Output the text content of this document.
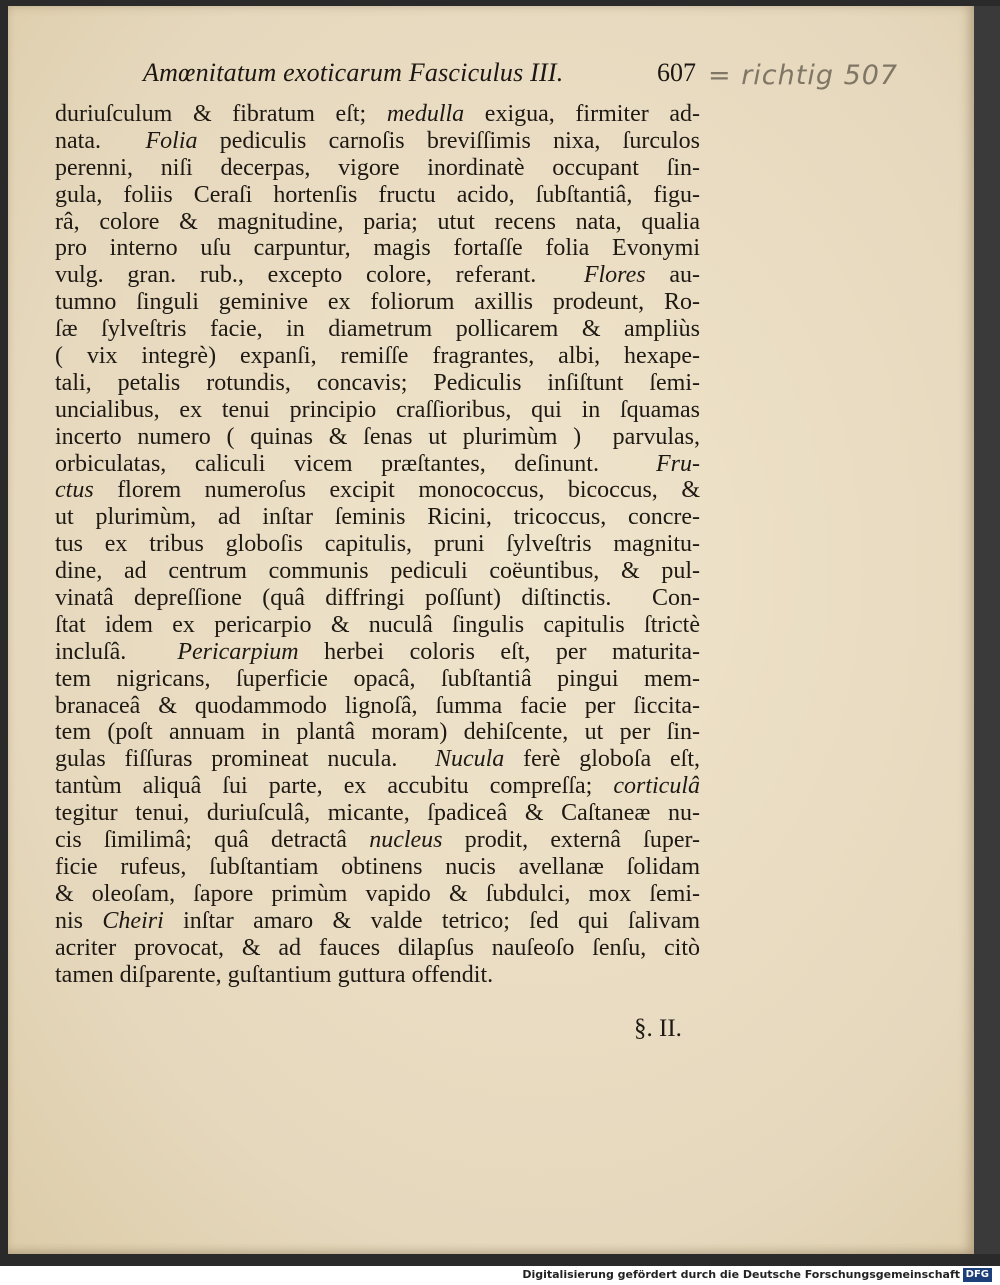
Amœnitatum exoticarum Fasciculus III.	607 = richtig 507
duriuſculum & fibratum eſt; medulla exigua, firmiter ad-
nata.  Folia pediculis carnoſis breviſſimis nixa, ſurculos
perenni, niſi decerpas, vigore inordinatè occupant ſin-
gula, foliis Ceraſi hortenſis fructu acido, ſubſtantiâ, figu-
râ, colore & magnitudine, paria; utut recens nata, qualia
pro interno uſu carpuntur, magis fortaſſe folia Evonymi
vulg. gran. rub., excepto colore, referant.  Flores au-
tumno ſinguli geminive ex foliorum axillis prodeunt, Ro-
ſæ ſylveſtris facie, in diametrum pollicarem & ampliùs
( vix integrè) expanſi, remiſſe fragrantes, albi, hexape-
tali, petalis rotundis, concavis; Pediculis inſiſtunt ſemi-
uncialibus, ex tenui principio craſſioribus, qui in ſquamas
incerto numero ( quinas & ſenas ut plurimùm )  parvulas,
orbiculatas, caliculi vicem præſtantes, deſinunt.  Fru-
ctus florem numeroſus excipit monococcus, bicoccus, &
ut plurimùm, ad inſtar ſeminis Ricini, tricoccus, concre-
tus ex tribus globoſis capitulis, pruni ſylveſtris magnitu-
dine, ad centrum communis pediculi coëuntibus, & pul-
vinatâ depreſſione (quâ diffringi poſſunt) diſtinctis.  Con-
ſtat idem ex pericarpio & nuculâ ſingulis capitulis ſtrictè
incluſâ.  Pericarpium herbei coloris eſt, per maturita-
tem nigricans, ſuperficie opacâ, ſubſtantiâ pingui mem-
branaceâ & quodammodo lignoſâ, ſumma facie per ſiccita-
tem (poſt annuam in plantâ moram) dehiſcente, ut per ſin-
gulas fiſſuras promineat nucula.  Nucula ferè globoſa eſt,
tantùm aliquâ ſui parte, ex accubitu compreſſa; corticulâ
tegitur tenui, duriuſculâ, micante, ſpadiceâ & Caſtaneæ nu-
cis ſimilimâ; quâ detractâ nucleus prodit, externâ ſuper-
ficie rufeus, ſubſtantiam obtinens nucis avellanæ ſolidam
& oleoſam, ſapore primùm vapido & ſubdulci, mox ſemi-
nis Cheiri inſtar amaro & valde tetrico; ſed qui ſalivam
acriter provocat, & ad fauces dilapſus nauſeoſo ſenſu, citò
tamen diſparente, guſtantium guttura offendit.
§. II.
Digitalisierung gefördert durch die Deutsche Forschungsgemeinschaft DFG
